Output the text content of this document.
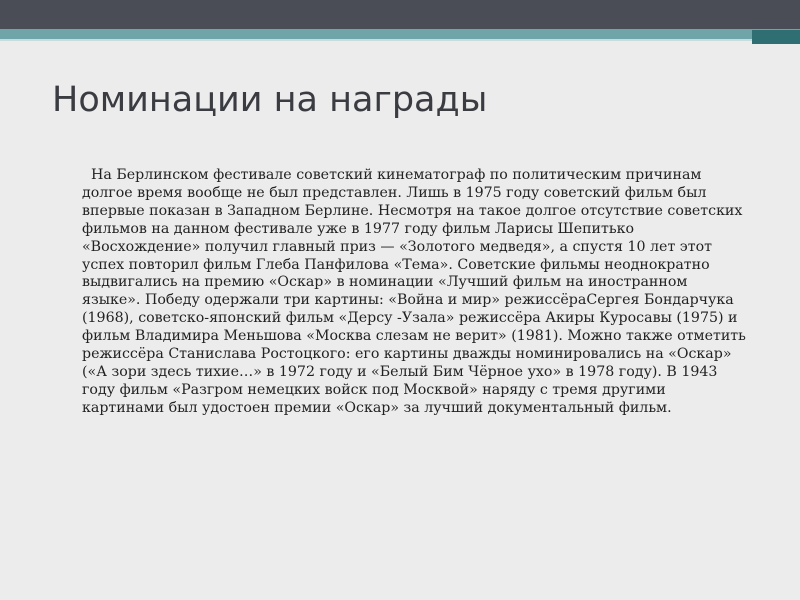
Номинации на награды

На Берлинском фестивале советский кинематограф по политическим причинам долгое время вообще не был представлен. Лишь в 1975 году советский фильм был впервые показан в Западном Берлине. Несмотря на такое долгое отсутствие советских фильмов на данном фестивале уже в 1977 году фильм Ларисы Шепитько «Восхождение» получил главный приз — «Золотого медведя», а спустя 10 лет этот успех повторил фильм Глеба Панфилова «Тема». Советские фильмы неоднократно выдвигались на премию «Оскар» в номинации «Лучший фильм на иностранном языке». Победу одержали три картины: «Война и мир» режиссёраСергея Бондарчука (1968), советско-японский фильм «Дерсу -Узала» режиссёра Акиры Куросавы (1975) и фильм Владимира Меньшова «Москва слезам не верит» (1981). Можно также отметить режиссёра Станислава Ростоцкого: его картины дважды номинировались на «Оскар» («А зори здесь тихие…» в 1972 году и «Белый Бим Чёрное ухо» в 1978 году). В 1943 году фильм «Разгром немецких войск под Москвой» наряду с тремя другими картинами был удостоен премии «Оскар» за лучший документальный фильм.
